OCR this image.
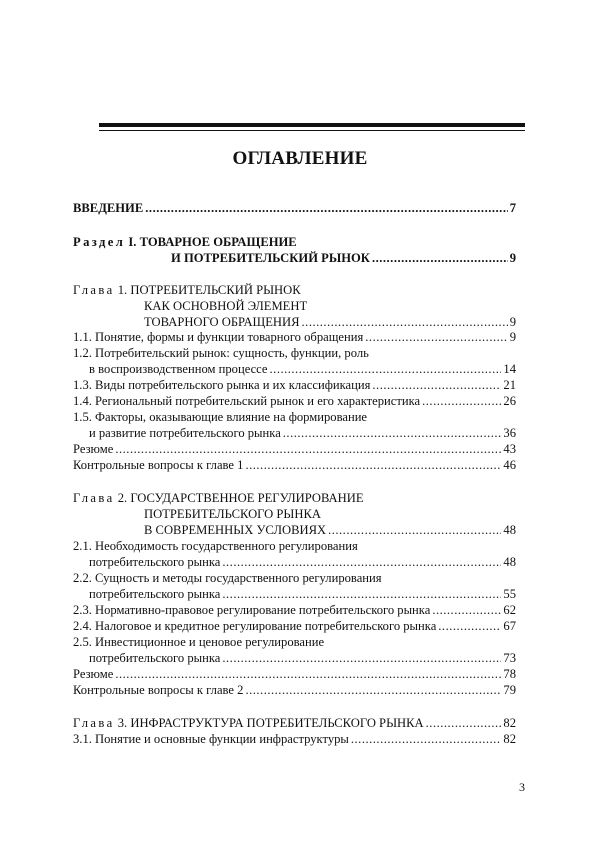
ОГЛАВЛЕНИЕ
ВВЕДЕНИЕ .....	7
Раздел I. ТОВАРНОЕ ОБРАЩЕНИЕ
И ПОТРЕБИТЕЛЬСКИЙ РЫНОК .....	9
Глава 1. ПОТРЕБИТЕЛЬСКИЙ РЫНОК
КАК ОСНОВНОЙ ЭЛЕМЕНТ
ТОВАРНОГО ОБРАЩЕНИЯ .....	9
1.1. Понятие, формы и функции товарного обращения .....	9
1.2. Потребительский рынок: сущность, функции, роль
в воспроизводственном процессе .....	14
1.3. Виды потребительского рынка и их классификация .....	21
1.4. Региональный потребительский рынок и его характеристика .....	26
1.5. Факторы, оказывающие влияние на формирование
и развитие потребительского рынка .....	36
Резюме .....	43
Контрольные вопросы к главе 1 .....	46
Глава 2. ГОСУДАРСТВЕННОЕ РЕГУЛИРОВАНИЕ
ПОТРЕБИТЕЛЬСКОГО РЫНКА
В СОВРЕМЕННЫХ УСЛОВИЯХ .....	48
2.1. Необходимость государственного регулирования
потребительского рынка .....	48
2.2. Сущность и методы государственного регулирования
потребительского рынка .....	55
2.3. Нормативно-правовое регулирование потребительского рынка .....	62
2.4. Налоговое и кредитное регулирование потребительского рынка .....	67
2.5. Инвестиционное и ценовое регулирование
потребительского рынка .....	73
Резюме .....	78
Контрольные вопросы к главе 2 .....	79
Глава 3. ИНФРАСТРУКТУРА ПОТРЕБИТЕЛЬСКОГО РЫНКА .....	82
3.1. Понятие и основные функции инфраструктуры .....	82
3
